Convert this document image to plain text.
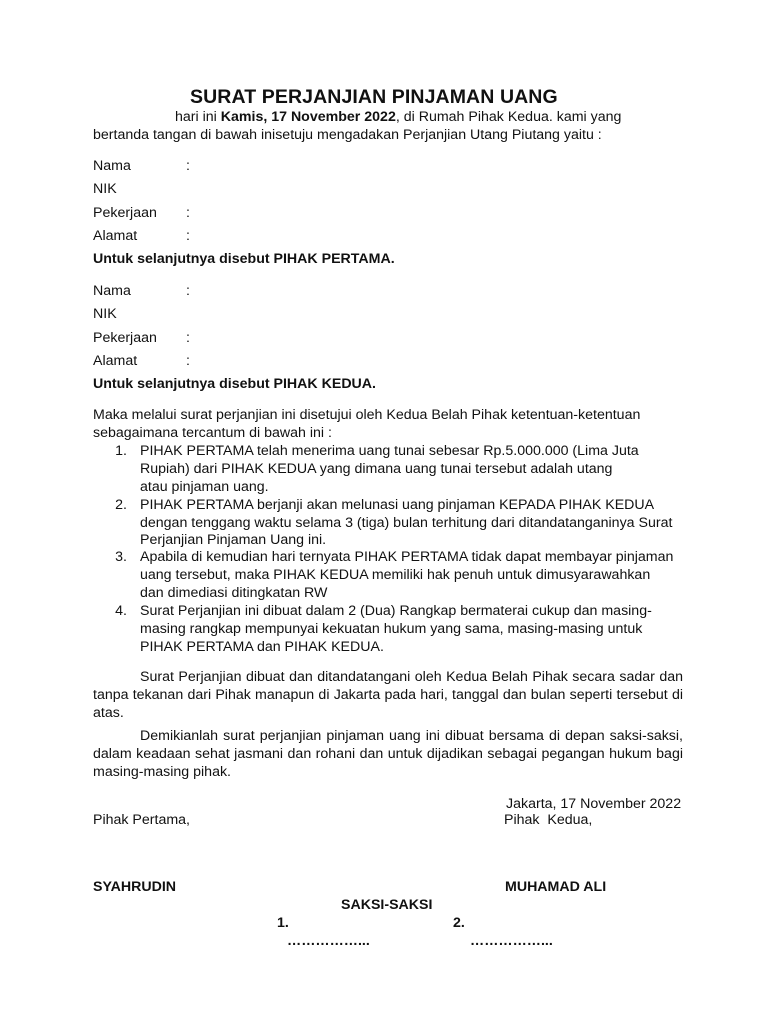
SURAT PERJANJIAN PINJAMAN UANG
hari ini Kamis, 17 November 2022, di Rumah Pihak Kedua. kami yang
bertanda tangan di bawah inisetuju mengadakan Perjanjian Utang Piutang yaitu :
Nama	:
NIK
Pekerjaan :
Alamat	:
Untuk selanjutnya disebut PIHAK PERTAMA.
Nama	:
NIK
Pekerjaan :
Alamat	:
Untuk selanjutnya disebut PIHAK KEDUA.
Maka melalui surat perjanjian ini disetujui oleh Kedua Belah Pihak ketentuan-ketentuan
sebagaimana tercantum di bawah ini :
1. PIHAK PERTAMA telah menerima uang tunai sebesar Rp.5.000.000 (Lima Juta
Rupiah) dari PIHAK KEDUA yang dimana uang tunai tersebut adalah utang
atau pinjaman uang.
2. PIHAK PERTAMA berjanji akan melunasi uang pinjaman KEPADA PIHAK KEDUA
dengan tenggang waktu selama 3 (tiga) bulan terhitung dari ditandatanganinya Surat
Perjanjian Pinjaman Uang ini.
3. Apabila di kemudian hari ternyata PIHAK PERTAMA tidak dapat membayar pinjaman
uang tersebut, maka PIHAK KEDUA memiliki hak penuh untuk dimusyarawahkan
dan dimediasi ditingkatan RW
4. Surat Perjanjian ini dibuat dalam 2 (Dua) Rangkap bermaterai cukup dan masing-
masing rangkap mempunyai kekuatan hukum yang sama, masing-masing untuk
PIHAK PERTAMA dan PIHAK KEDUA.
Surat Perjanjian dibuat dan ditandatangani oleh Kedua Belah Pihak secara sadar dan tanpa tekanan dari Pihak manapun di Jakarta pada hari, tanggal dan bulan seperti tersebut di atas.
Demikianlah surat perjanjian pinjaman uang ini dibuat bersama di depan saksi-saksi, dalam keadaan sehat jasmani dan rohani dan untuk dijadikan sebagai pegangan hukum bagi masing-masing pihak.
Jakarta, 17 November 2022
Pihak Pertama,	Pihak  Kedua,
SYAHRUDIN	MUHAMAD ALI
SAKSI-SAKSI
1.	2.
……………...	……………...
